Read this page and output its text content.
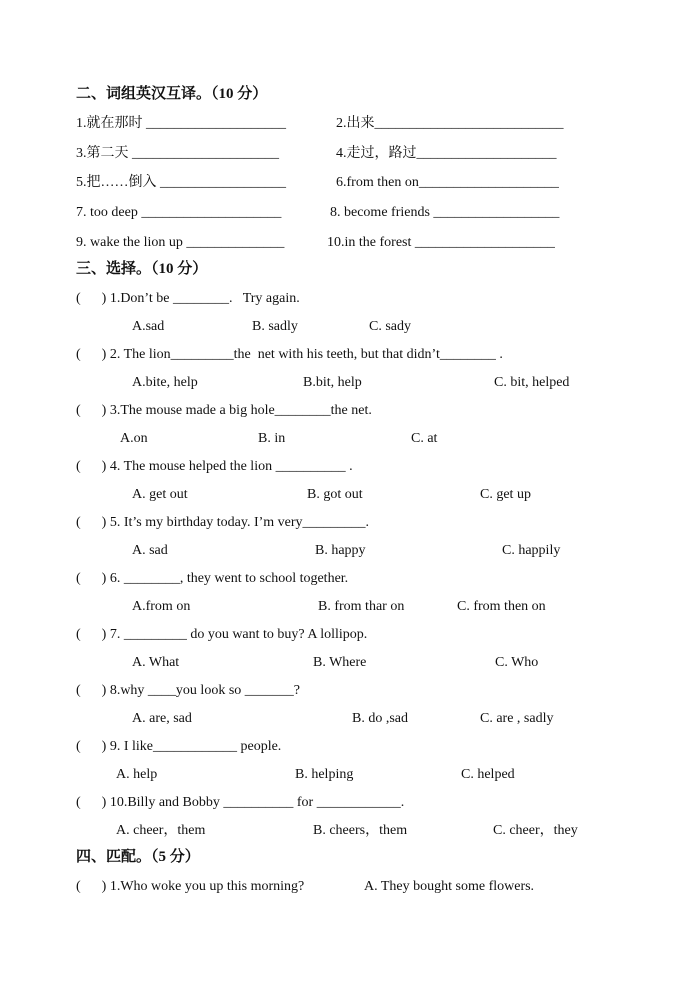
二、词组英汉互译。（10 分）
1.就在那时 ____________________	2.出来___________________________
3.第二天 _____________________	4.走过，路过____________________
5.把……倒入 __________________	6.from then on____________________
7. too deep ____________________	8. become friends __________________
9. wake the lion up ______________	10.in the forest ____________________
三、选择。（10 分）
(      ) 1.Don’t be ________.   Try again.
A.sad	B. sadly	C. sady
(      ) 2. The lion_________the  net with his teeth, but that didn’t________ .
A.bite, help	B.bit, help	C. bit, helped
(      ) 3.The mouse made a big hole________the net.
A.on	B. in	C. at
(      ) 4. The mouse helped the lion __________ .
A. get out	B. got out	C. get up
(      ) 5. It’s my birthday today. I’m very_________.
A. sad	B. happy	C. happily
(      ) 6. ________, they went to school together.
A.from on	B. from thar on	C. from then on
(      ) 7. _________ do you want to buy? A lollipop.
A. What	B. Where	C. Who
(      ) 8.why ____you look so _______?
A. are, sad	B. do ,sad	C. are , sadly
(      ) 9. I like____________ people.
A. help	B. helping	C. helped
(      ) 10.Billy and Bobby __________ for ____________.
A. cheer，them	B. cheers，them	C. cheer，they
四、匹配。（5 分）
(      ) 1.Who woke you up this morning?	A. They bought some flowers.
